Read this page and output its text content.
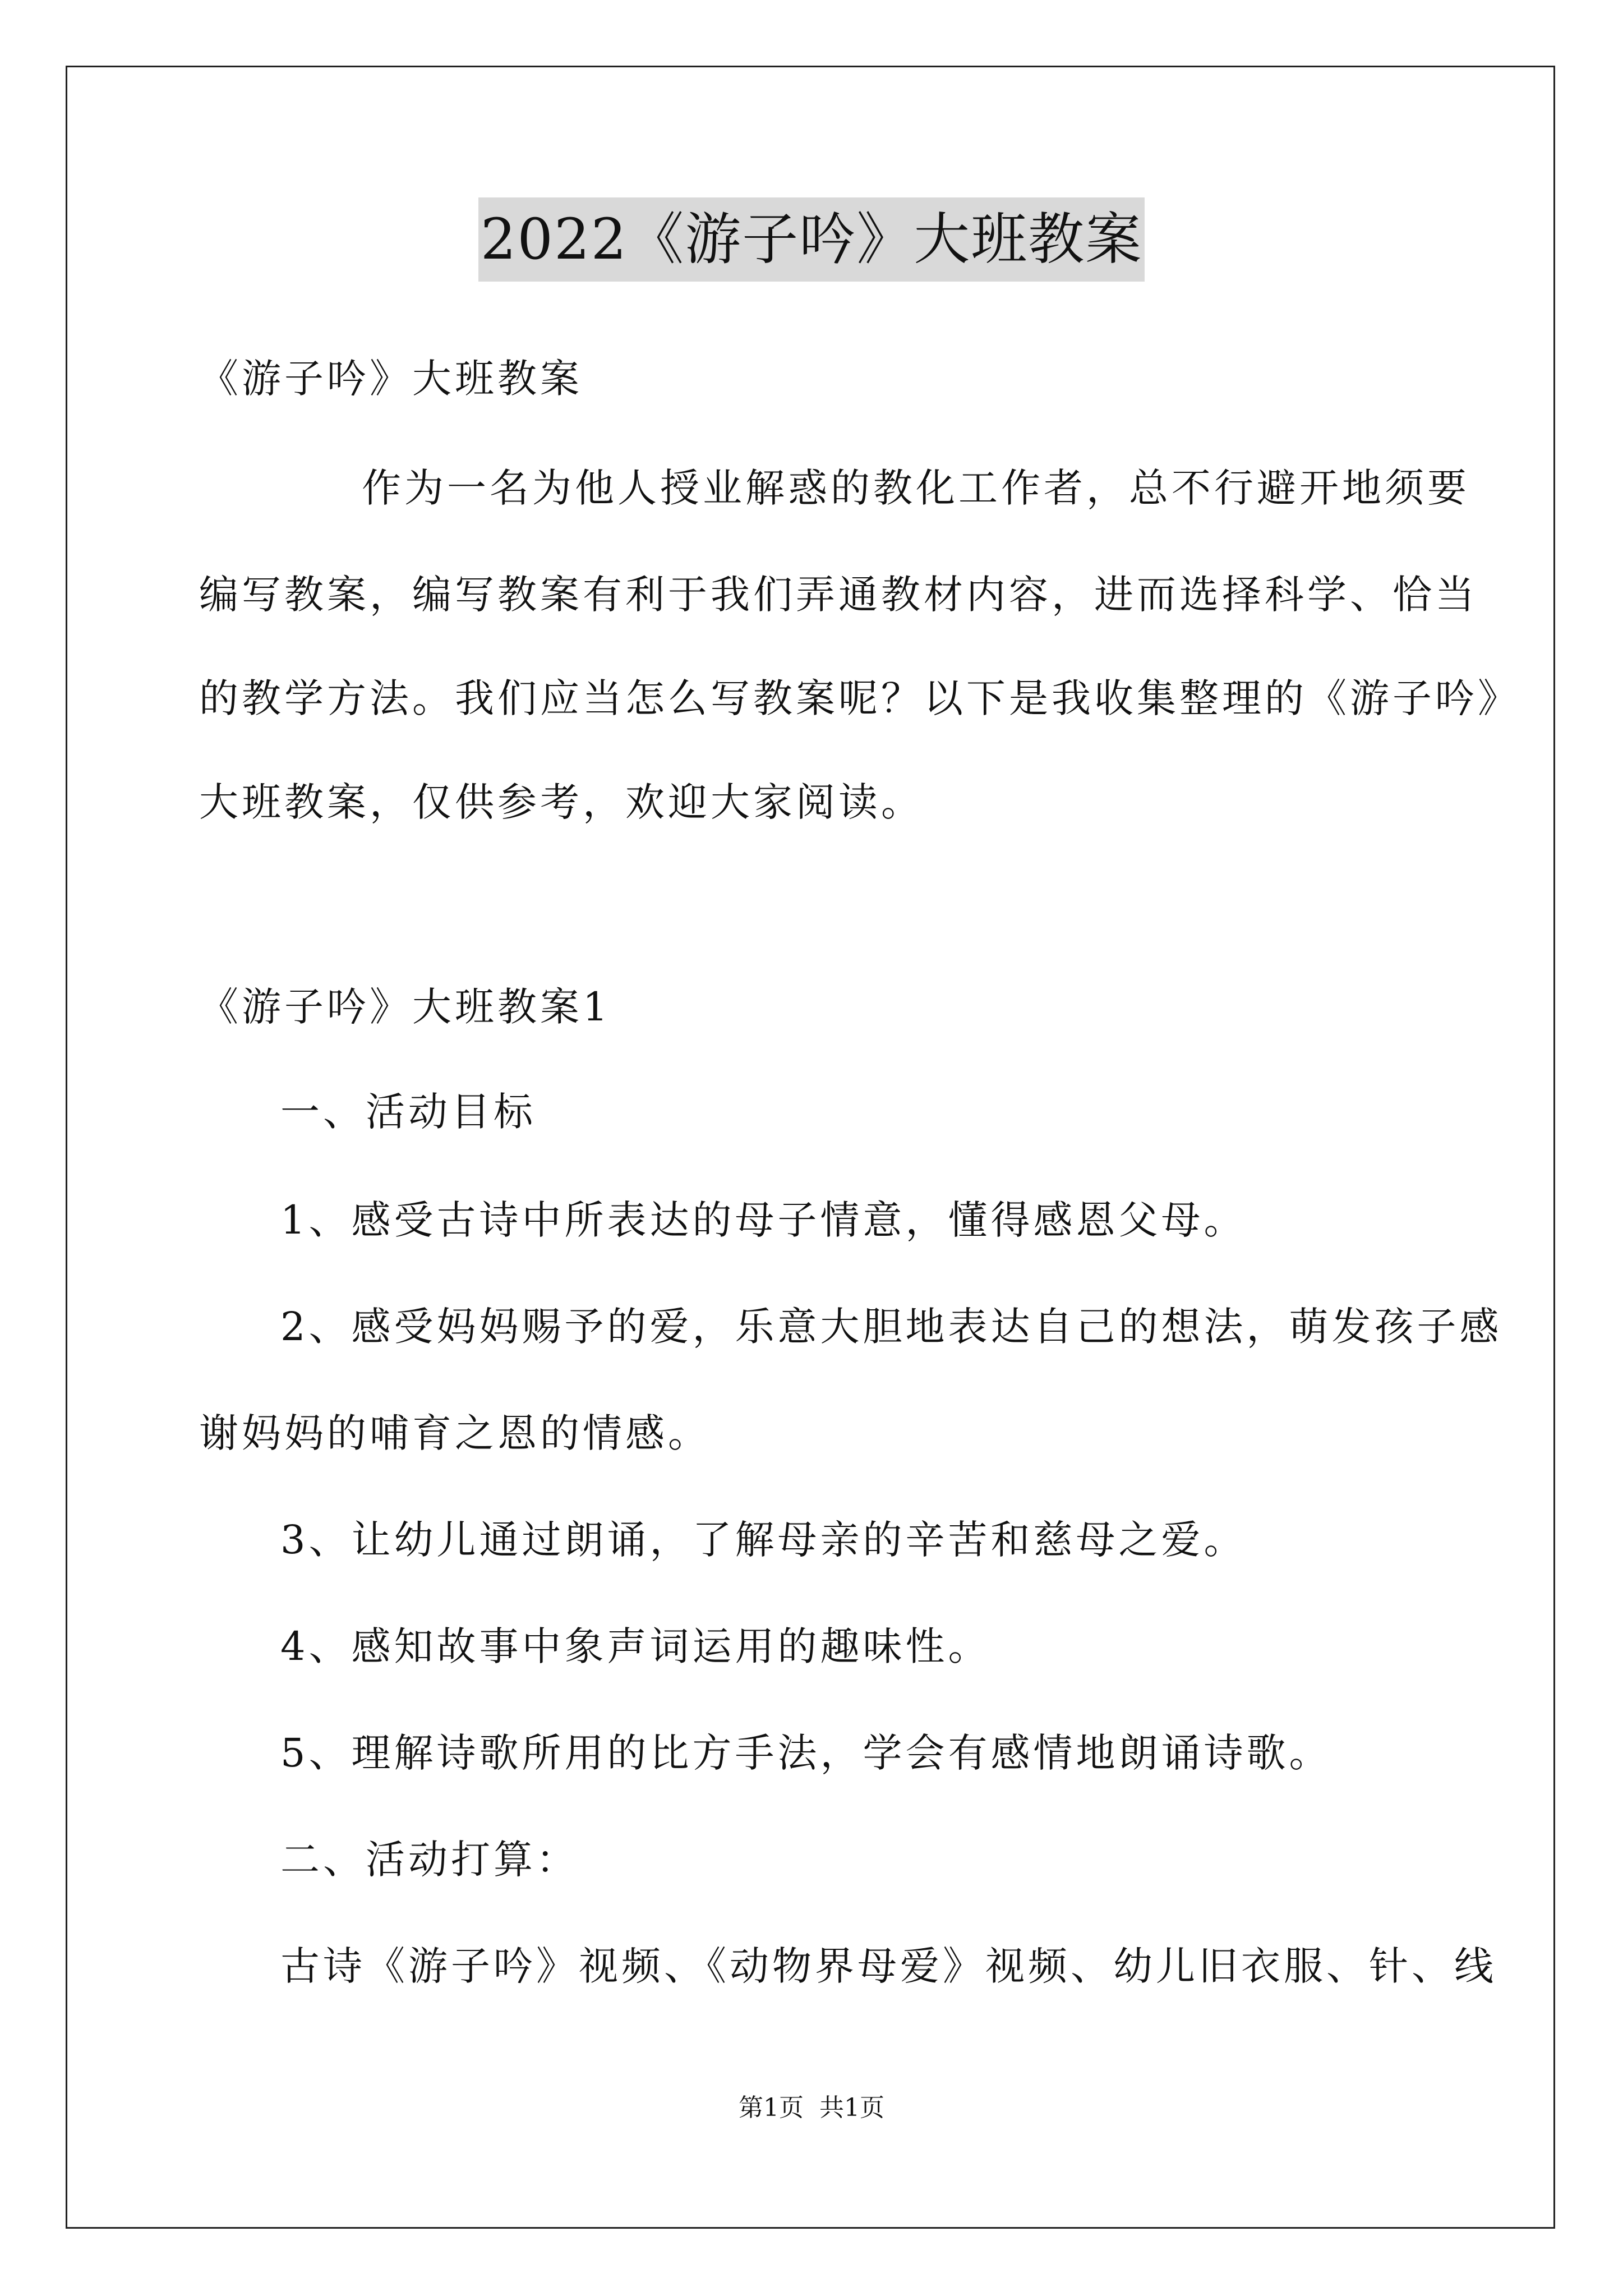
2022《游子吟》大班教案
《游子吟》大班教案
作为一名为他人授业解惑的教化工作者，总不行避开地须要
编写教案，编写教案有利于我们弄通教材内容，进而选择科学、恰当
的教学方法。我们应当怎么写教案呢？以下是我收集整理的《游子吟》
大班教案，仅供参考，欢迎大家阅读。
《游子吟》大班教案1
一、活动目标
1、感受古诗中所表达的母子情意，懂得感恩父母。
2、感受妈妈赐予的爱，乐意大胆地表达自己的想法，萌发孩子感
谢妈妈的哺育之恩的情感。
3、让幼儿通过朗诵，了解母亲的辛苦和慈母之爱。
4、感知故事中象声词运用的趣味性。
5、理解诗歌所用的比方手法，学会有感情地朗诵诗歌。
二、活动打算：
古诗《游子吟》视频、《动物界母爱》视频、幼儿旧衣服、针、线
第1页 共1页
